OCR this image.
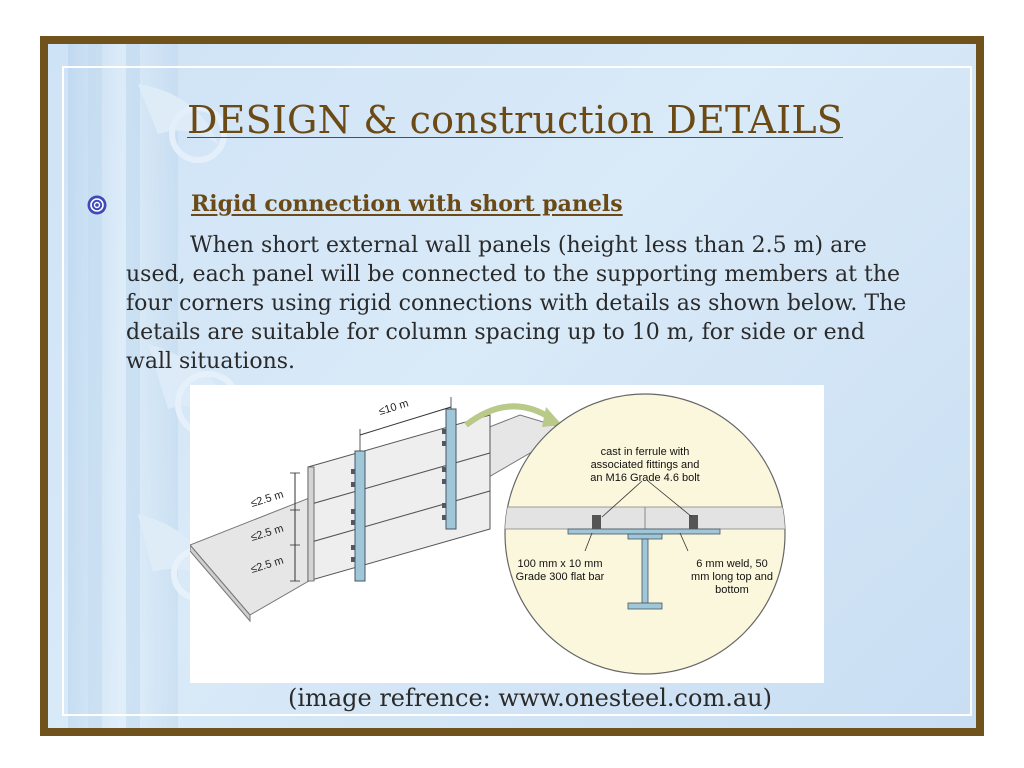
DESIGN & construction DETAILS
Rigid connection with short panels
When short external wall panels (height less than 2.5 m) are used, each panel will be connected to the supporting members at the four corners using rigid connections with details as shown below. The details are suitable for column spacing up to 10 m, for side or end wall situations.
≤10 m
≤2.5 m
≤2.5 m
≤2.5 m
cast in ferrule with
associated fittings and
an M16 Grade 4.6 bolt
100 mm x 10 mm
Grade 300 flat bar
6 mm weld, 50
mm long top and
bottom
(image refrence: www.onesteel.com.au)
